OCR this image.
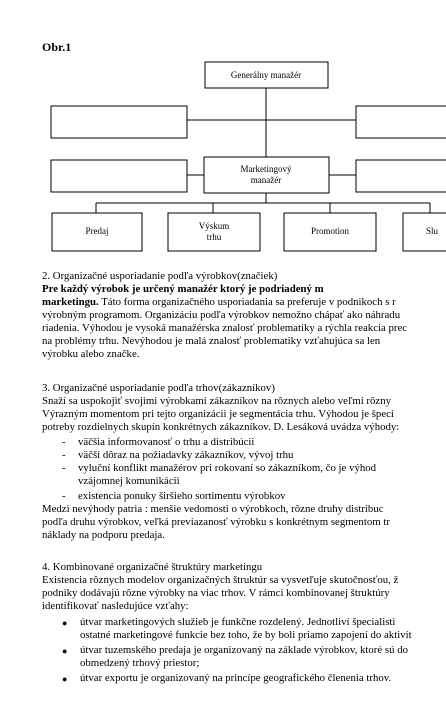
Obr.1
Generálny manažér
Marketingový
manažér
Predaj	Výskum
trhu
Promotion	Slu
2. Organizačné usporiadanie podľa výrobkov(značiek)
Pre každý výrobok je určený manažér ktorý je podriadený m
marketingu. Táto forma organizačného usporiadania sa preferuje v podnikoch s r
výrobným programom. Organizáciu podľa výrobkov nemožno chápať ako náhradu
riadenia. Výhodou je vysoká manažérska znalosť problematiky a rýchla reakcia prec
na problémy trhu. Nevýhodou je malá znalosť problematiky vzťahujúca sa len
výrobku alebo značke.
3. Organizačné usporiadanie podľa trhov(zákazníkov)
Snaží sa uspokojiť svojimi výrobkami zákazníkov na rôznych alebo veľmi rôzny
Výrazným momentom pri tejto organizácii je segmentácia trhu. Výhodou je špeci
potreby rozdielnych skupín konkrétnych zákazníkov. D. Lesáková uvádza výhody:
- väčšia informovanosť o trhu a distribúcii
- väčší dôraz na požiadavky zákazníkov, vývoj trhu
- vyluční konflikt manažérov pri rokovaní so zákazníkom, čo je výhod
vzájomnej komunikácii
- existencia ponuky širšieho sortimentu výrobkov
Medzi nevýhody patria : menšie vedomosti o výrobkoch, rôzne druhy distribuc
podľa druhu výrobkov, veľká previazanosť výrobku s konkrétnym segmentom tr
náklady na podporu predaja.
4. Kombinované organizačné štruktúry marketingu
Existencia rôznych modelov organizačných štruktúr sa vysvetľuje skutočnosťou, ž
podniky dodávajú rôzne výrobky na viac trhov. V rámci kombinovanej štruktúry
identifikovať nasledujúce vzťahy:
● útvar marketingových služieb je funkčne rozdelený. Jednotliví špecialisti
ostatné marketingové funkcie bez toho, že by boli priamo zapojení do aktivít
● útvar tuzemského predaja je organizovaný na základe výrobkov, ktoré sú do
obmedzený trhový priestor;
● útvar exportu je organizovaný na princípe geografického členenia trhov.
